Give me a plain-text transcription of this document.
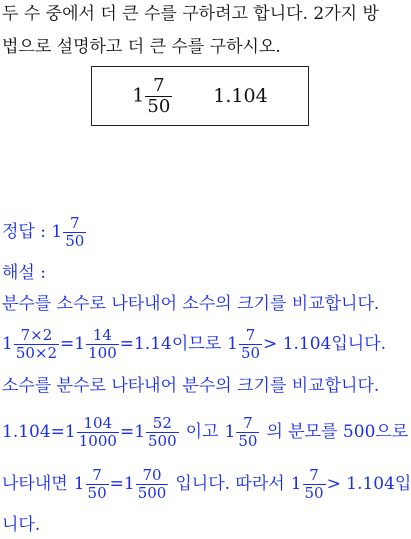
두 수 중에서 더 큰 수를 구하려고 합니다. 2가지 방
법으로 설명하고 더 큰 수를 구하시오.
$1 \frac{7}{50} 1.104$
정답 : $1 \frac{7}{50}$
해설 :
분수를 소수로 나타내어 소수의 크기를 비교합니다.
$1 \frac{7\times 2}{50\times 2} =1 \frac{14}{100} =1.14$이므로 $1 \frac{7}{50} > 1.104$입니다.
소수를 분수로 나타내어 분수의 크기를 비교합니다.
$1.104=1 \frac{104}{1000} =1 \frac{52}{500}$ 이고 $1 \frac{7}{50}$ 의 분모를 500으로
나타내면 $1 \frac{7}{50} =1 \frac{70}{500}$ 입니다. 따라서 $1 \frac{7}{50} > 1.104$입
니다.
